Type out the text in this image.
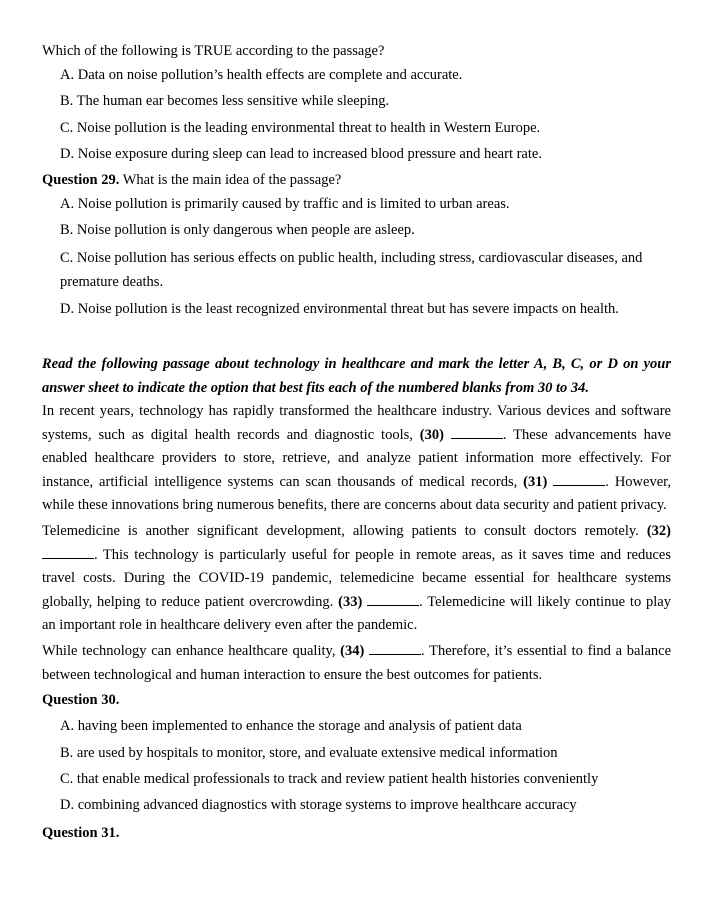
Which of the following is TRUE according to the passage?

A. Data on noise pollution’s health effects are complete and accurate.

B. The human ear becomes less sensitive while sleeping.

C. Noise pollution is the leading environmental threat to health in Western Europe.

D. Noise exposure during sleep can lead to increased blood pressure and heart rate.

Question 29. What is the main idea of the passage?

A. Noise pollution is primarily caused by traffic and is limited to urban areas.

B. Noise pollution is only dangerous when people are asleep.

C. Noise pollution has serious effects on public health, including stress, cardiovascular diseases, and premature deaths.

D. Noise pollution is the least recognized environmental threat but has severe impacts on health.

Read the following passage about technology in healthcare and mark the letter A, B, C, or D on your answer sheet to indicate the option that best fits each of the numbered blanks from 30 to 34.

In recent years, technology has rapidly transformed the healthcare industry. Various devices and software systems, such as digital health records and diagnostic tools, (30)	. These advancements have enabled healthcare providers to store, retrieve, and analyze patient information more effectively. For instance, artificial intelligence systems can scan thousands of medical records, (31)	. However, while these innovations bring numerous benefits, there are concerns about data security and patient privacy.

Telemedicine is another significant development, allowing patients to consult doctors remotely. (32) . This technology is particularly useful for people in remote areas, as it saves time and reduces travel costs. During the COVID-19 pandemic, telemedicine became essential for healthcare systems globally, helping to reduce patient overcrowding. (33)	. Telemedicine will likely continue to play an important role in healthcare delivery even after the pandemic.

While technology can enhance healthcare quality, (34)	. Therefore, it’s essential to find a balance between technological and human interaction to ensure the best outcomes for patients.

Question 30.

A. having been implemented to enhance the storage and analysis of patient data

B. are used by hospitals to monitor, store, and evaluate extensive medical information

C. that enable medical professionals to track and review patient health histories conveniently

D. combining advanced diagnostics with storage systems to improve healthcare accuracy

Question 31.
